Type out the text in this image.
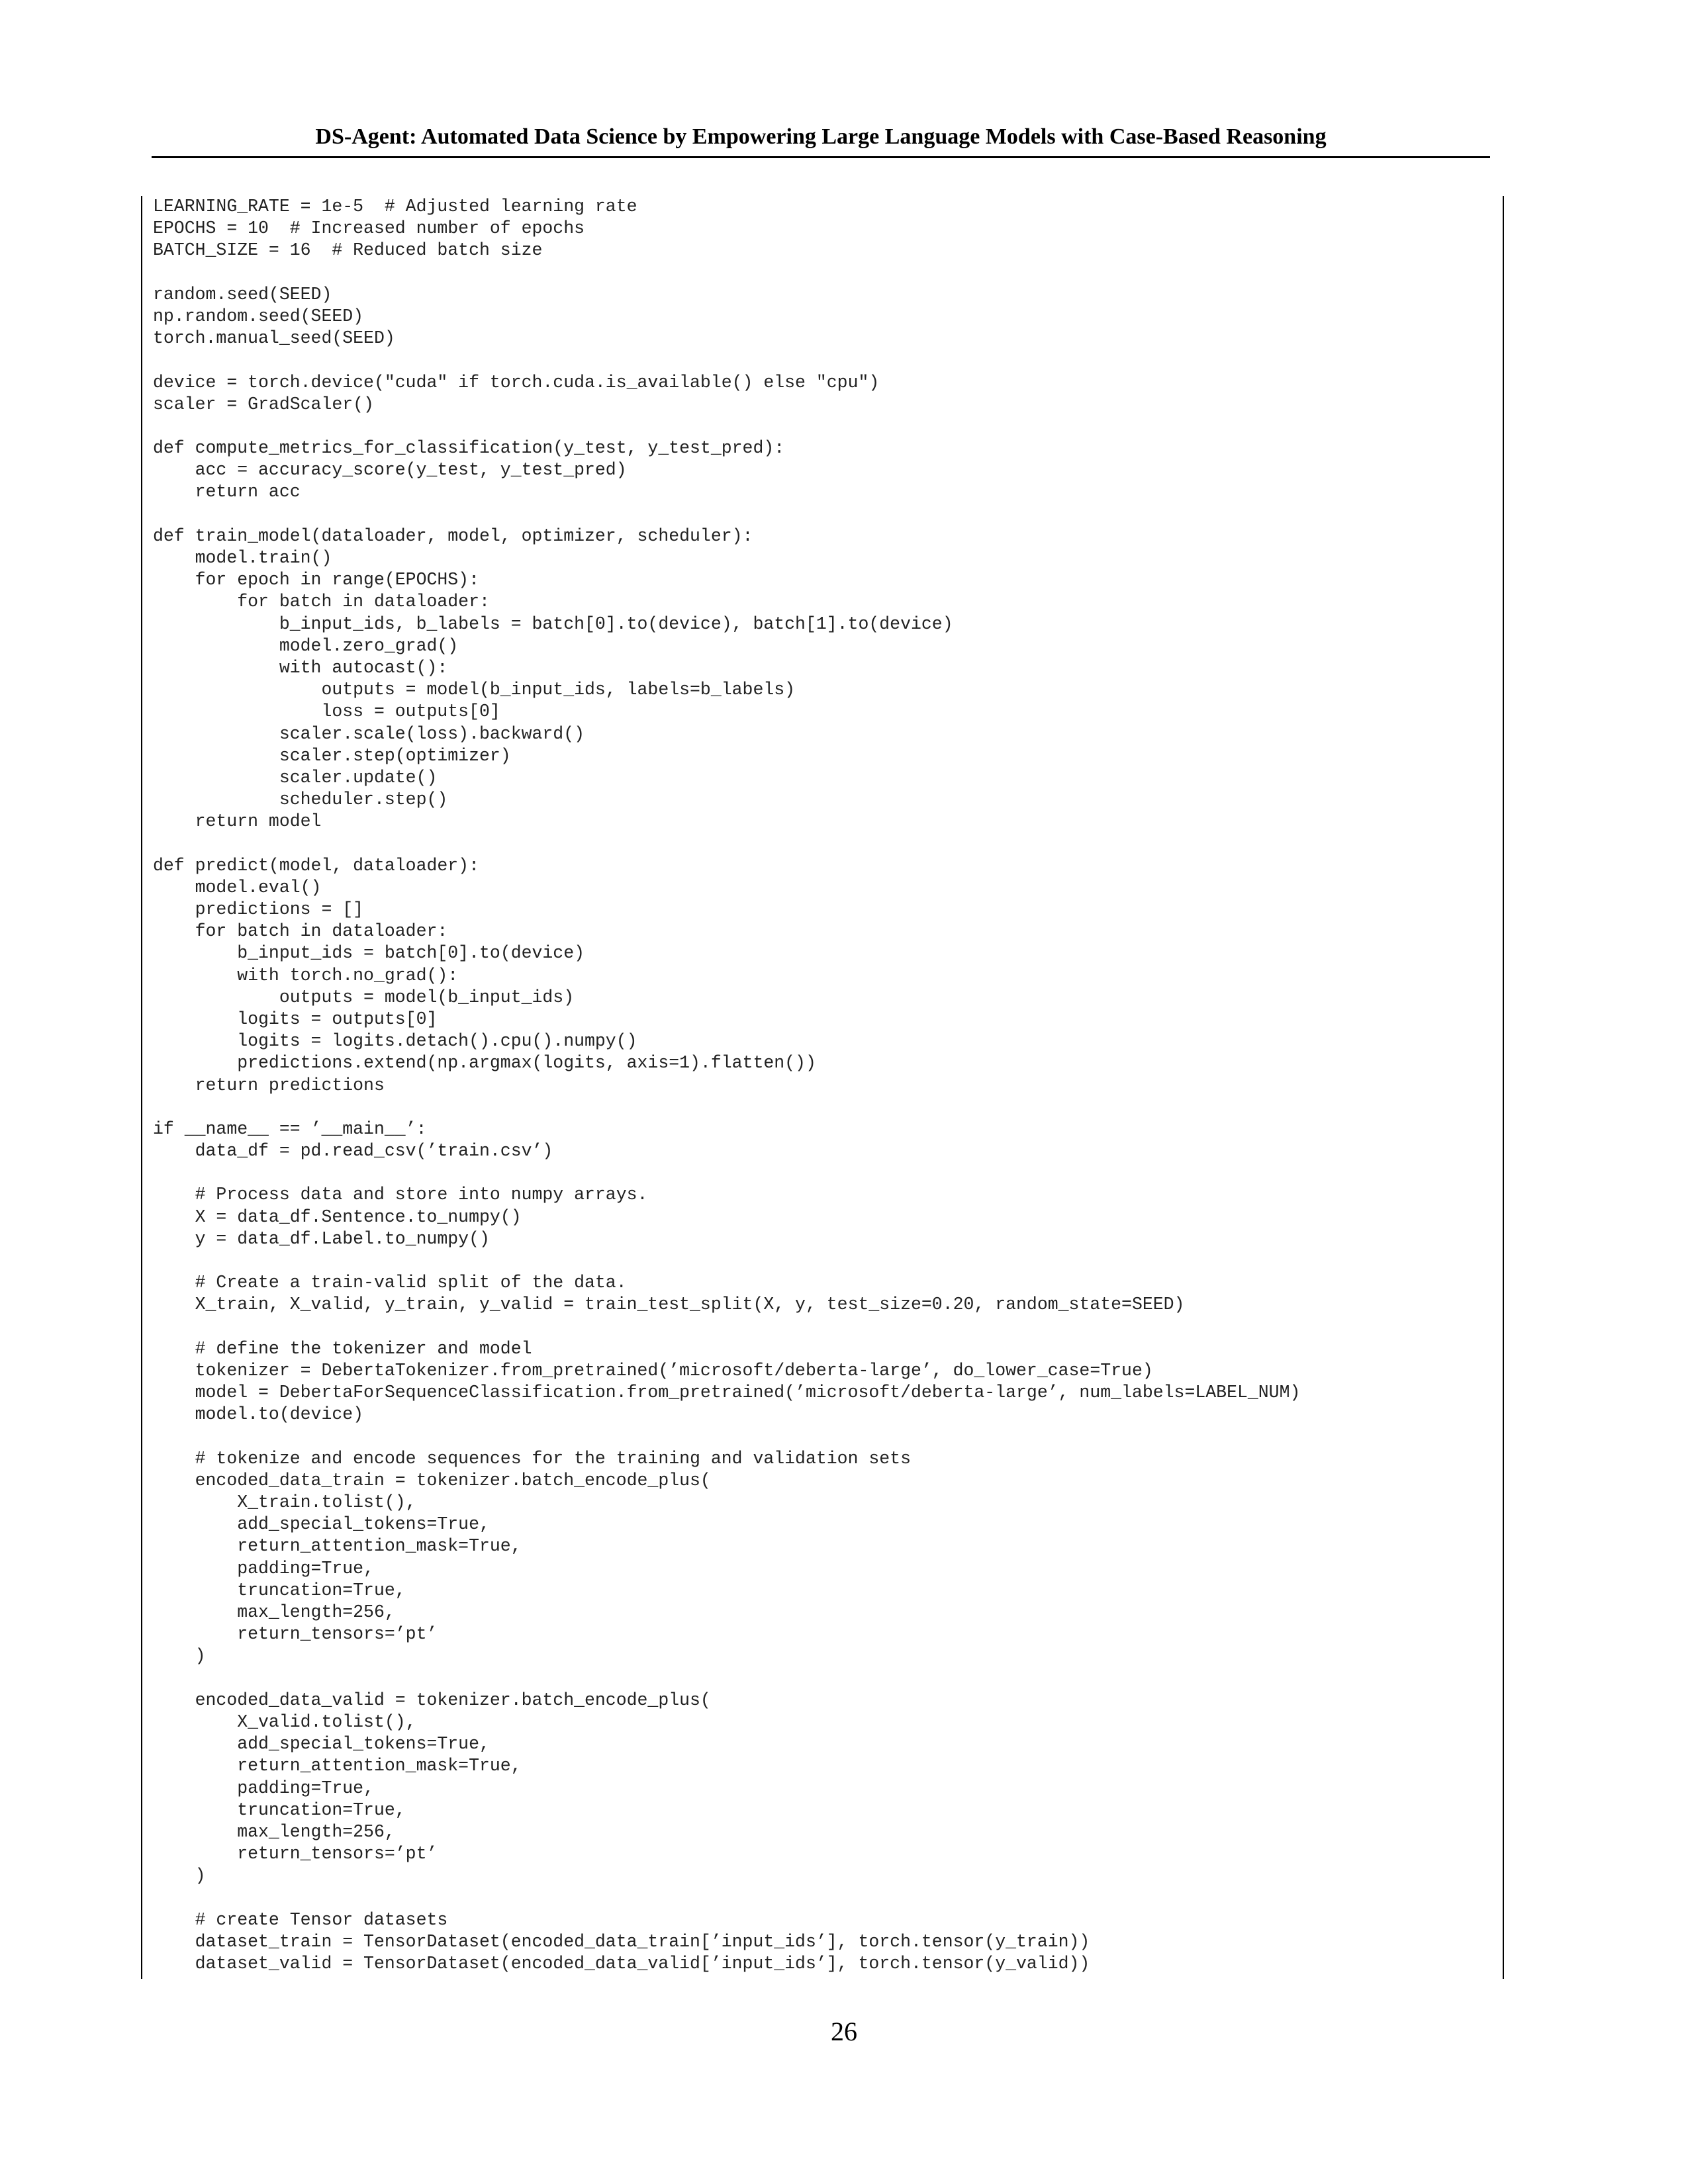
DS-Agent: Automated Data Science by Empowering Large Language Models with Case-Based Reasoning
LEARNING_RATE = 1e-5  # Adjusted learning rate
EPOCHS = 10  # Increased number of epochs
BATCH_SIZE = 16  # Reduced batch size
random.seed(SEED)
np.random.seed(SEED)
torch.manual_seed(SEED)
device = torch.device("cuda" if torch.cuda.is_available() else "cpu")
scaler = GradScaler()
def compute_metrics_for_classification(y_test, y_test_pred):
acc = accuracy_score(y_test, y_test_pred)
return acc
def train_model(dataloader, model, optimizer, scheduler):
model.train()
for epoch in range(EPOCHS):
for batch in dataloader:
b_input_ids, b_labels = batch[0].to(device), batch[1].to(device)
model.zero_grad()
with autocast():
outputs = model(b_input_ids, labels=b_labels)
loss = outputs[0]
scaler.scale(loss).backward()
scaler.step(optimizer)
scaler.update()
scheduler.step()
return model
def predict(model, dataloader):
model.eval()
predictions = []
for batch in dataloader:
b_input_ids = batch[0].to(device)
with torch.no_grad():
outputs = model(b_input_ids)
logits = outputs[0]
logits = logits.detach().cpu().numpy()
predictions.extend(np.argmax(logits, axis=1).flatten())
return predictions
if __name__ == ’__main__’:
data_df = pd.read_csv(’train.csv’)
# Process data and store into numpy arrays.
X = data_df.Sentence.to_numpy()
y = data_df.Label.to_numpy()
# Create a train-valid split of the data.
X_train, X_valid, y_train, y_valid = train_test_split(X, y, test_size=0.20, random_state=SEED)
# define the tokenizer and model
tokenizer = DebertaTokenizer.from_pretrained(’microsoft/deberta-large’, do_lower_case=True)
model = DebertaForSequenceClassification.from_pretrained(’microsoft/deberta-large’, num_labels=LABEL_NUM)
model.to(device)
# tokenize and encode sequences for the training and validation sets
encoded_data_train = tokenizer.batch_encode_plus(
X_train.tolist(),
add_special_tokens=True,
return_attention_mask=True,
padding=True,
truncation=True,
max_length=256,
return_tensors=’pt’
)
encoded_data_valid = tokenizer.batch_encode_plus(
X_valid.tolist(),
add_special_tokens=True,
return_attention_mask=True,
padding=True,
truncation=True,
max_length=256,
return_tensors=’pt’
)
# create Tensor datasets
dataset_train = TensorDataset(encoded_data_train[’input_ids’], torch.tensor(y_train))
dataset_valid = TensorDataset(encoded_data_valid[’input_ids’], torch.tensor(y_valid))
26
